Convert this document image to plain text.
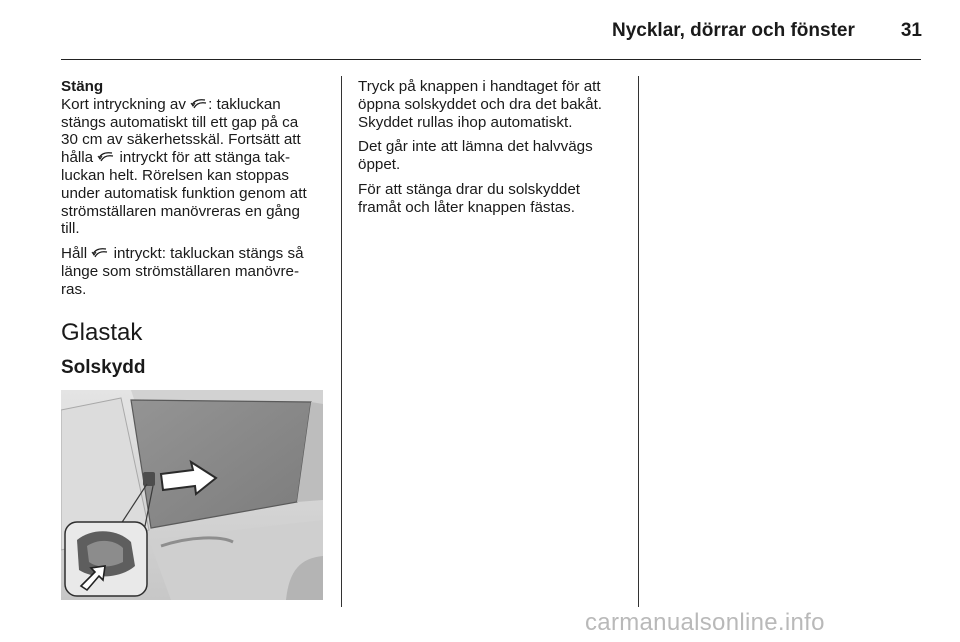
Nycklar, dörrar och fönster	31
Stäng
Kort intryckning av : takluckan
stängs automatiskt till ett gap på ca
30 cm av säkerhetsskäl. Fortsätt att
hålla  intryckt för att stänga tak-
luckan helt. Rörelsen kan stoppas
under automatisk funktion genom att
strömställaren manövreras en gång
till.
Håll  intryckt: takluckan stängs så
länge som strömställaren manövre-
ras.
Glastak
Solskydd
Tryck på knappen i handtaget för att
öppna solskyddet och dra det bakåt.
Skyddet rullas ihop automatiskt.
Det går inte att lämna det halvvägs
öppet.
För att stänga drar du solskyddet
framåt och låter knappen fästas.
carmanualsonline.info
